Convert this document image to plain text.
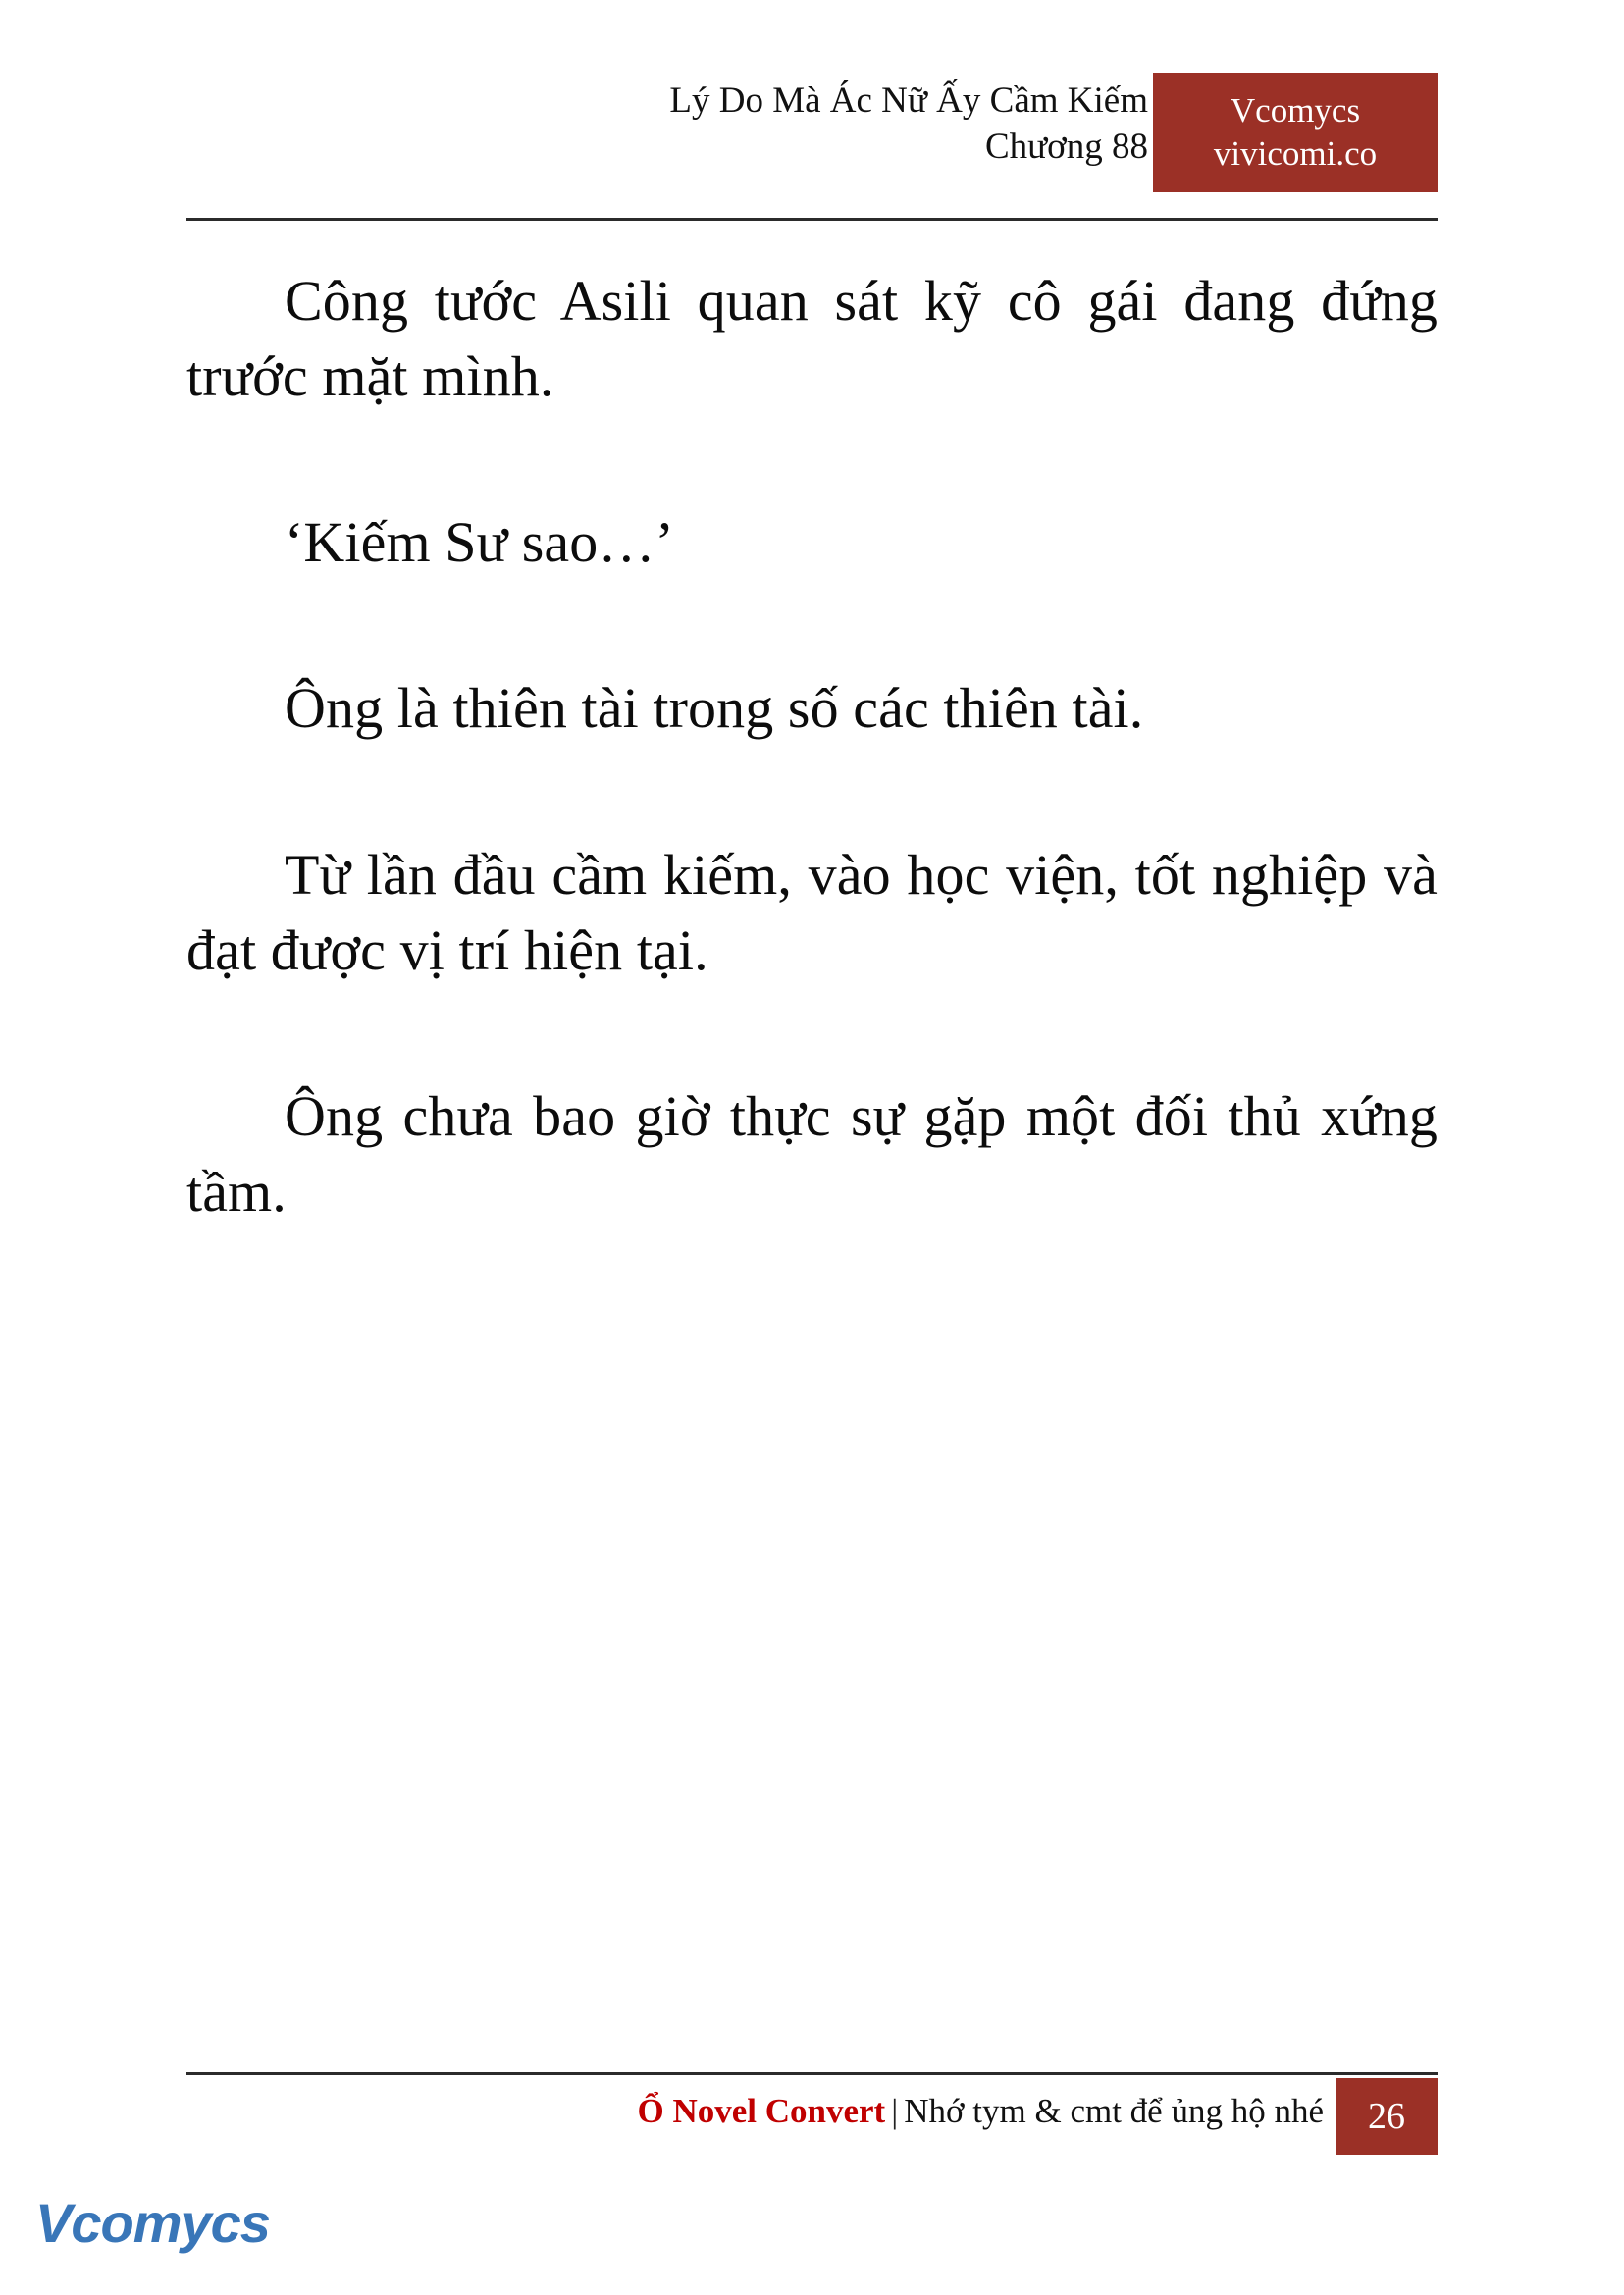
Lý Do Mà Ác Nữ Ấy Cầm Kiếm
Chương 88
Vcomycs
vivicomi.co

Công tước Asili quan sát kỹ cô gái đang đứng trước mặt mình.

‘Kiếm Sư sao…’

Ông là thiên tài trong số các thiên tài.

Từ lần đầu cầm kiếm, vào học viện, tốt nghiệp và đạt được vị trí hiện tại.

Ông chưa bao giờ thực sự gặp một đối thủ xứng tầm.

Ổ Novel Convert | Nhớ tym & cmt để ủng hộ nhé	26
Vcomycs
